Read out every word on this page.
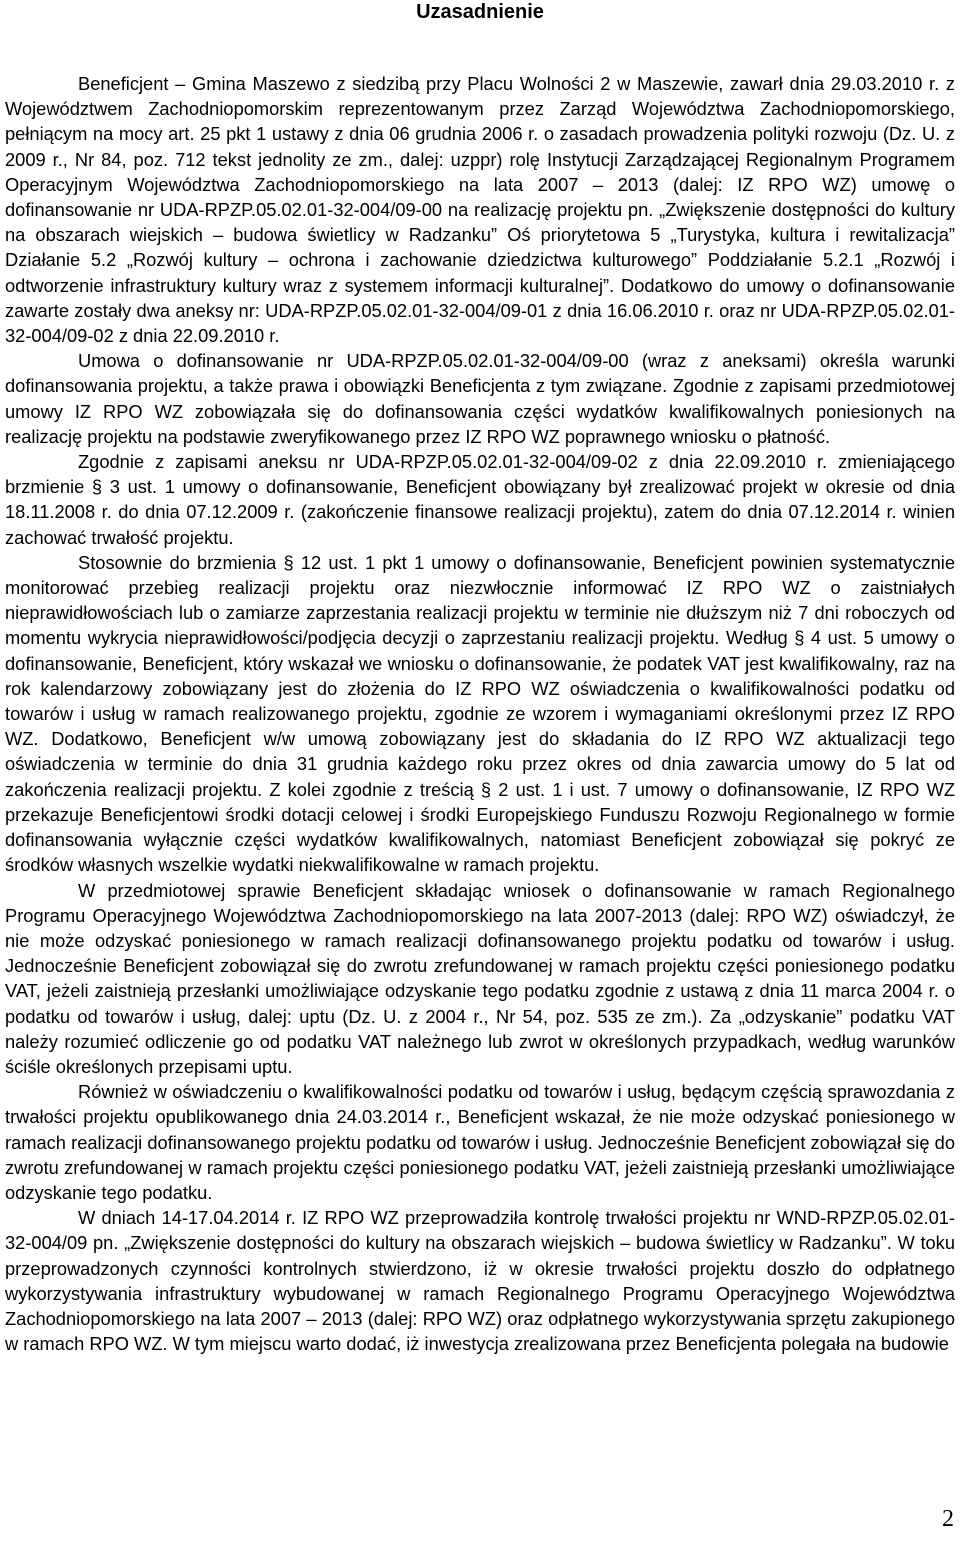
Uzasadnienie

Beneficjent – Gmina Maszewo z siedzibą przy Placu Wolności 2 w Maszewie, zawarł dnia 29.03.2010 r. z Województwem Zachodniopomorskim reprezentowanym przez Zarząd Województwa Zachodniopomorskiego, pełniącym na mocy art. 25 pkt 1 ustawy z dnia 06 grudnia 2006 r. o zasadach prowadzenia polityki rozwoju (Dz. U. z 2009 r., Nr 84, poz. 712 tekst jednolity ze zm., dalej: uzppr) rolę Instytucji Zarządzającej Regionalnym Programem Operacyjnym Województwa Zachodniopomorskiego na lata 2007 – 2013 (dalej: IZ RPO WZ) umowę o dofinansowanie nr UDA-RPZP.05.02.01-32-004/09-00 na realizację projektu pn. „Zwiększenie dostępności do kultury na obszarach wiejskich – budowa świetlicy w Radzanku” Oś priorytetowa 5 „Turystyka, kultura i rewitalizacja” Działanie 5.2 „Rozwój kultury – ochrona i zachowanie dziedzictwa kulturowego” Poddziałanie 5.2.1 „Rozwój i odtworzenie infrastruktury kultury wraz z systemem informacji kulturalnej”. Dodatkowo do umowy o dofinansowanie zawarte zostały dwa aneksy nr: UDA-RPZP.05.02.01-32-004/09-01 z dnia 16.06.2010 r. oraz nr UDA-RPZP.05.02.01-32-004/09-02 z dnia 22.09.2010 r.

Umowa o dofinansowanie nr UDA-RPZP.05.02.01-32-004/09-00 (wraz z aneksami) określa warunki dofinansowania projektu, a także prawa i obowiązki Beneficjenta z tym związane. Zgodnie z zapisami przedmiotowej umowy IZ RPO WZ zobowiązała się do dofinansowania części wydatków kwalifikowalnych poniesionych na realizację projektu na podstawie zweryfikowanego przez IZ RPO WZ poprawnego wniosku o płatność.

Zgodnie z zapisami aneksu nr UDA-RPZP.05.02.01-32-004/09-02 z dnia 22.09.2010 r. zmieniającego brzmienie § 3 ust. 1 umowy o dofinansowanie, Beneficjent obowiązany był zrealizować projekt w okresie od dnia 18.11.2008 r. do dnia 07.12.2009 r. (zakończenie finansowe realizacji projektu), zatem do dnia 07.12.2014 r. winien zachować trwałość projektu.

Stosownie do brzmienia § 12 ust. 1 pkt 1 umowy o dofinansowanie, Beneficjent powinien systematycznie monitorować przebieg realizacji projektu oraz niezwłocznie informować IZ RPO WZ o zaistniałych nieprawidłowościach lub o zamiarze zaprzestania realizacji projektu w terminie nie dłuższym niż 7 dni roboczych od momentu wykrycia nieprawidłowości/podjęcia decyzji o zaprzestaniu realizacji projektu. Według § 4 ust. 5 umowy o dofinansowanie, Beneficjent, który wskazał we wniosku o dofinansowanie, że podatek VAT jest kwalifikowalny, raz na rok kalendarzowy zobowiązany jest do złożenia do IZ RPO WZ oświadczenia o kwalifikowalności podatku od towarów i usług w ramach realizowanego projektu, zgodnie ze wzorem i wymaganiami określonymi przez IZ RPO WZ. Dodatkowo, Beneficjent w/w umową zobowiązany jest do składania do IZ RPO WZ aktualizacji tego oświadczenia w terminie do dnia 31 grudnia każdego roku przez okres od dnia zawarcia umowy do 5 lat od zakończenia realizacji projektu. Z kolei zgodnie z treścią § 2 ust. 1 i ust. 7 umowy o dofinansowanie, IZ RPO WZ przekazuje Beneficjentowi środki dotacji celowej i środki Europejskiego Funduszu Rozwoju Regionalnego w formie dofinansowania wyłącznie części wydatków kwalifikowalnych, natomiast Beneficjent zobowiązał się pokryć ze środków własnych wszelkie wydatki niekwalifikowalne w ramach projektu.

W przedmiotowej sprawie Beneficjent składając wniosek o dofinansowanie w ramach Regionalnego Programu Operacyjnego Województwa Zachodniopomorskiego na lata 2007-2013 (dalej: RPO WZ) oświadczył, że nie może odzyskać poniesionego w ramach realizacji dofinansowanego projektu podatku od towarów i usług. Jednocześnie Beneficjent zobowiązał się do zwrotu zrefundowanej w ramach projektu części poniesionego podatku VAT, jeżeli zaistnieją przesłanki umożliwiające odzyskanie tego podatku zgodnie z ustawą z dnia 11 marca 2004 r. o podatku od towarów i usług, dalej: uptu (Dz. U. z 2004 r., Nr 54, poz. 535 ze zm.). Za „odzyskanie” podatku VAT należy rozumieć odliczenie go od podatku VAT należnego lub zwrot w określonych przypadkach, według warunków ściśle określonych przepisami uptu.

Również w oświadczeniu o kwalifikowalności podatku od towarów i usług, będącym częścią sprawozdania z trwałości projektu opublikowanego dnia 24.03.2014 r., Beneficjent wskazał, że nie może odzyskać poniesionego w ramach realizacji dofinansowanego projektu podatku od towarów i usług. Jednocześnie Beneficjent zobowiązał się do zwrotu zrefundowanej w ramach projektu części poniesionego podatku VAT, jeżeli zaistnieją przesłanki umożliwiające odzyskanie tego podatku.

W dniach 14-17.04.2014 r. IZ RPO WZ przeprowadziła kontrolę trwałości projektu nr WND-RPZP.05.02.01-32-004/09 pn. „Zwiększenie dostępności do kultury na obszarach wiejskich – budowa świetlicy w Radzanku”. W toku przeprowadzonych czynności kontrolnych stwierdzono, iż w okresie trwałości projektu doszło do odpłatnego wykorzystywania infrastruktury wybudowanej w ramach Regionalnego Programu Operacyjnego Województwa Zachodniopomorskiego na lata 2007 – 2013 (dalej: RPO WZ) oraz odpłatnego wykorzystywania sprzętu zakupionego w ramach RPO WZ. W tym miejscu warto dodać, iż inwestycja zrealizowana przez Beneficjenta polegała na budowie

2
